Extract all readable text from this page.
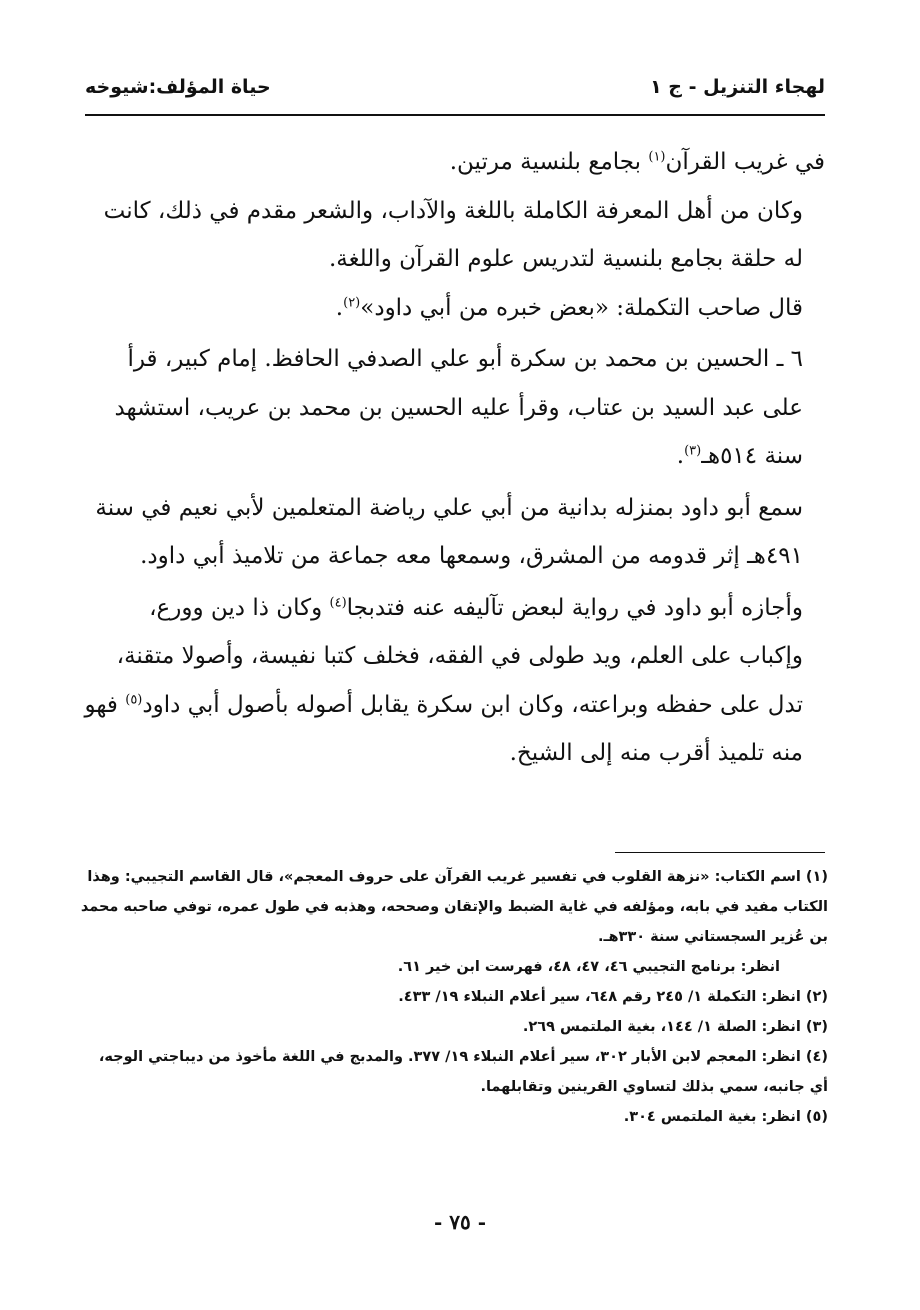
حياة المؤلف:شيوخه	لهجاء التنزيل - ج ١

في غريب القرآن$^{(١)}$ بجامع بلنسية مرتين.

وكان من أهل المعرفة الكاملة باللغة والآداب، والشعر مقدم في ذلك، كانت له حلقة بجامع بلنسية لتدريس علوم القرآن واللغة.

قال صاحب التكملة: «بعض خبره من أبي داود»$^{(٢)}$.

٦ ـ الحسين بن محمد بن سكرة أبو علي الصدفي الحافظ. إمام كبير، قرأ على عبد السيد بن عتاب، وقرأ عليه الحسين بن محمد بن عريب، استشهد سنة ٥١٤هـ$^{(٣)}$.

سمع أبو داود بمنزله بدانية من أبي علي رياضة المتعلمين لأبي نعيم في سنة ٤٩١هـ إثر قدومه من المشرق، وسمعها معه جماعة من تلاميذ أبي داود.

وأجازه أبو داود في رواية لبعض تآليفه عنه فتدبجا$^{(٤)}$ وكان ذا دين وورع، وإكباب على العلم، ويد طولى في الفقه، فخلف كتبا نفيسة، وأصولا متقنة، تدل على حفظه وبراعته، وكان ابن سكرة يقابل أصوله بأصول أبي داود$^{(٥)}$ فهو منه تلميذ أقرب منه إلى الشيخ.

(١) اسم الكتاب: «نزهة القلوب في تفسير غريب القرآن على حروف المعجم»، قال القاسم التجيبي: وهذا الكتاب مفيد في بابه، ومؤلفه في غاية الضبط والإتقان وصححه، وهذبه في طول عمره، توفي صاحبه محمد بن عُزير السجستاني سنة ٣٣٠هـ.

انظر: برنامج التجيبي ٤٦، ٤٧، ٤٨، فهرست ابن خير ٦١.

(٢) انظر: التكملة ١/ ٢٤٥ رقم ٦٤٨، سير أعلام النبلاء ١٩/ ٤٣٣.

(٣) انظر: الصلة ١/ ١٤٤، بغية الملتمس ٢٦٩.

(٤) انظر: المعجم لابن الأبار ٣٠٢، سير أعلام النبلاء ١٩/ ٣٧٧. والمدبج في اللغة مأخوذ من ديباجتي الوجه، أي جانبه، سمي بذلك لتساوي القرينين وتقابلهما.

(٥) انظر: بغية الملتمس ٣٠٤.

- ٧٥ -
